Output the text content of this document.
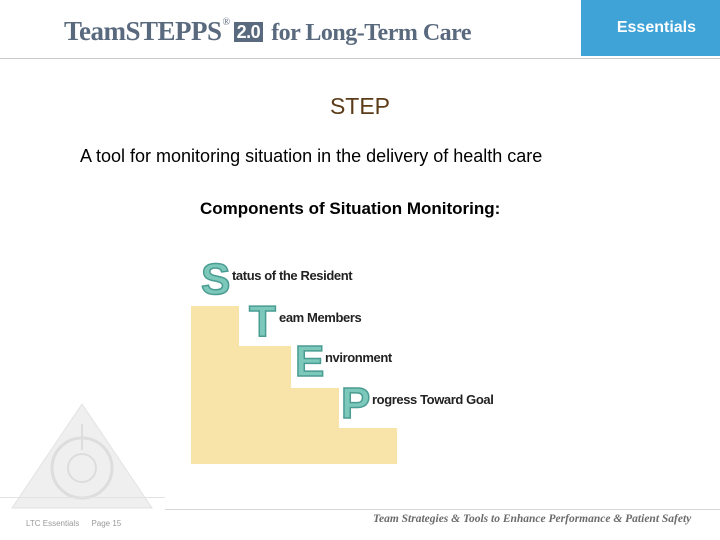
TeamSTEPPS® 2.0 for Long-Term Care	Essentials
STEP
A tool for monitoring situation in the delivery of health care
Components of Situation Monitoring:
S tatus of the Resident
T eam Members
E nvironment
P rogress Toward Goal
LTC Essentials Page 15	Team Strategies & Tools to Enhance Performance & Patient Safety
